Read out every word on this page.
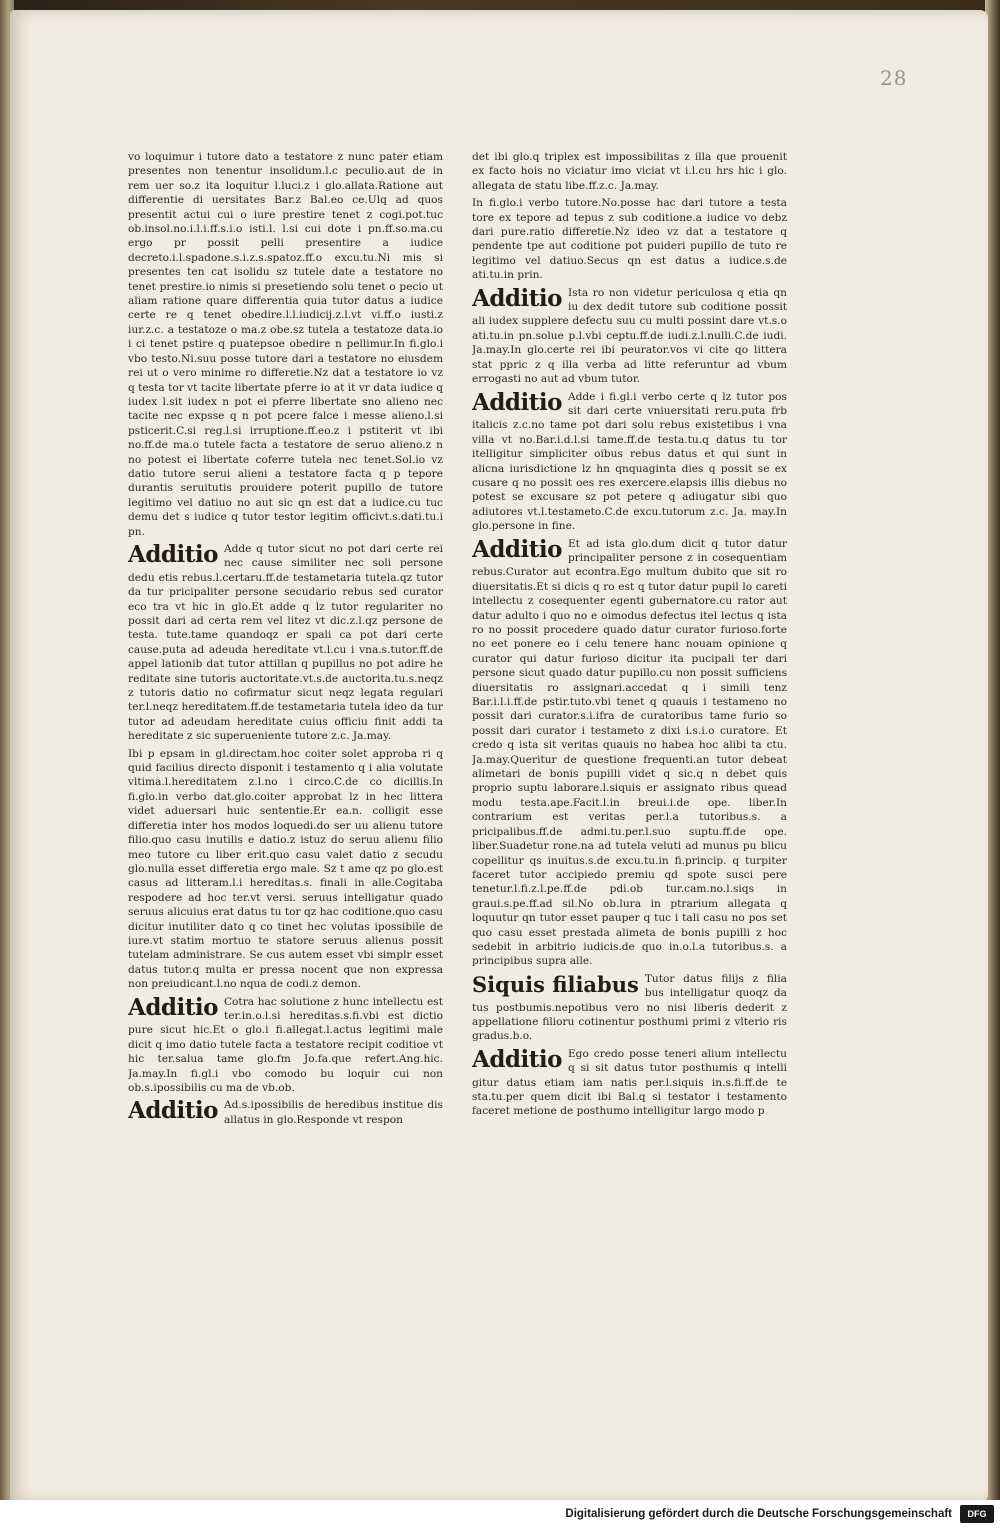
28
vo loquimur i tutore dato a testatore z nunc pater etiam presentes non tenentur insolidum.l.c peculio.aut de in rem uer so.z ita loquitur l.luci.z i glo.allata.Ratione aut differentie di uersitates Bar.z Bal.eo ce.Ulq ad quos presentit actui cui o iure prestire tenet z cogi.pot.tuc ob.insol.no.i.l.i.ff.s.i.o isti.l. l.si cui dote i pn.ff.so.ma.cu ergo pr possit pelli presentire a iudice decreto.i.l.spadone.s.i.z.s.spatoz.ff.o excu.tu.Ni mis si presentes ten cat isolidu sz tutele date a testatore no tenet prestire.io nimis si presetiendo solu tenet o pecio ut aliam ratione quare differentia quia tutor datus a iudice certe re q tenet obedire.l.l.iudicij.z.l.vt vi.ff.o iusti.z iur.z.c. a testatoze o ma.z obe.sz tutela a testatoze data.io i ci tenet pstire q puatepsoe obedire n pellimur.In fi.glo.i vbo testo.Ni.suu posse tutore dari a testatore no eiusdem rei ut o vero minime ro differetie.Nz dat a testatore io vz q testa tor vt tacite libertate pferre io at it vr data iudice q iudex l.sit iudex n pot ei pferre libertate sno alieno nec tacite nec expsse q n pot pcere falce i messe alieno.l.si psticerit.C.si reg.l.si irruptione.ff.eo.z i pstiterit vt ibi no.ff.de ma.o tutele facta a testatore de seruo alieno.z n no potest ei libertate coferre tutela nec tenet.Sol.io vz datio tutore serui alieni a testatore facta q p tepore durantis seruitutis prouidere poterit pupillo de tutore legitimo vel datiuo no aut sic qn est dat a iudice.cu tuc demu det s iudice q tutor testor legitim officivt.s.dati.tu.i pn.
Additio Adde q tutor sicut no pot dari certe rei nec cause similiter nec soli persone dedu etis rebus.l.certaru.ff.de testametaria tutela.qz tutor da tur pricipaliter persone secudario rebus sed curator eco tra vt hic in glo.Et adde q lz tutor regulariter no possit dari ad certa rem vel litez vt dic.z.l.qz persone de testa. tute.tame quandoqz er spali ca pot dari certe cause.puta ad adeuda hereditate vt.l.cu i vna.s.tutor.ff.de appel lationib dat tutor attillan q pupillus no pot adire he reditate sine tutoris auctoritate.vt.s.de auctorita.tu.s.neqz z tutoris datio no cofirmatur sicut neqz legata regulari ter.l.neqz hereditatem.ff.de testametaria tutela ideo da tur tutor ad adeudam hereditate cuius officiu finit addi ta hereditate z sic superueniente tutore z.c. Ja.may.
Ibi p epsam in gl.directam.hoc coiter solet approba ri q quid facilius directo disponit i testamento q i alia volutate vltima.l.hereditatem z.l.no i circo.C.de co dicillis.In fi.glo.in verbo dat.glo.coiter approbat lz in hec littera videt aduersari huic sententie.Er ea.n. colligit esse differetia inter hos modos loquedi.do ser uu alienu tutore filio.quo casu inutilis e datio.z istuz do seruu alienu filio meo tutore cu liber erit.quo casu valet datio z secudu glo.nulla esset differetia ergo male. Sz t ame qz po glo.est casus ad litteram.l.i hereditas.s. finali in alle.Cogitaba respodere ad hoc ter.vt versi. seruus intelligatur quado seruus alicuius erat datus tu tor qz hac coditione.quo casu dicitur inutiliter dato q co tinet hec volutas ipossibile de iure.vt statim mortuo te statore seruus alienus possit tutelam administrare. Se cus autem esset vbi simplr esset datus tutor.q multa er pressa nocent que non expressa non preiudicant.l.no nqua de codi.z demon.
Additio Cotra hac solutione z hunc intellectu est ter.in.o.l.si hereditas.s.fi.vbi est dictio pure sicut hic.Et o glo.i fi.allegat.l.actus legitimi male dicit q imo datio tutele facta a testatore recipit coditioe vt hic ter.salua tame glo.fm Jo.fa.que refert.Ang.hic. Ja.may.In fi.gl.i vbo comodo bu loquir cui non ob.s.ipossibilis cu ma de vb.ob.
Additio Ad.s.ipossibilis de heredibus institue dis allatus in glo.Responde vt respon
det ibi glo.q triplex est impossibilitas z illa que prouenit ex facto hois no viciatur imo viciat vt i.l.cu hrs hic i glo. allegata de statu libe.ff.z.c. Ja.may.
In fi.glo.i verbo tutore.No.posse hac dari tutore a testa tore ex tepore ad tepus z sub coditione.a iudice vo debz dari pure.ratio differetie.Nz ideo vz dat a testatore q pendente tpe aut coditione pot puideri pupillo de tuto re legitimo vel datiuo.Secus qn est datus a iudice.s.de ati.tu.in prin.
Additio Ista ro non videtur periculosa q etia qn iu dex dedit tutore sub coditione possit ali iudex supplere defectu suu cu multi possint dare vt.s.o ati.tu.in pn.solue p.l.vbi ceptu.ff.de iudi.z.l.nulli.C.de iudi. Ja.may.In glo.certe rei ibi peurator.vos vi cite qo littera stat ppric z q illa verba ad litte referuntur ad vbum errogasti no aut ad vbum tutor.
Additio Adde i fi.gl.i verbo certe q lz tutor pos sit dari certe vniuersitati reru.puta frb italicis z.c.no tame pot dari solu rebus existetibus i vna villa vt no.Bar.i.d.l.si tame.ff.de testa.tu.q datus tu tor itelligitur simpliciter oibus rebus datus et qui sunt in alicna iurisdictione lz hn qnquaginta dies q possit se ex cusare q no possit oes res exercere.elapsis illis diebus no potest se excusare sz pot petere q adiugatur sibi quo adiutores vt.l.testameto.C.de excu.tutorum z.c. Ja. may.In glo.persone in fine.
Additio Et ad ista glo.dum dicit q tutor datur principaliter persone z in cosequentiam rebus.Curator aut econtra.Ego multum dubito que sit ro diuersitatis.Et si dicis q ro est q tutor datur pupil lo careti intellectu z cosequenter egenti gubernatore.cu rator aut datur adulto i quo no e oimodus defectus itel lectus q ista ro no possit procedere quado datur curator furioso.forte no eet ponere eo i celu tenere hanc nouam opinione q curator qui datur furioso dicitur ita pucipali ter dari persone sicut quado datur pupillo.cu non possit sufficiens diuersitatis ro assignari.accedat q i simili tenz Bar.i.l.i.ff.de pstir.tuto.vbi tenet q quauis i testameno no possit dari curator.s.i.ifra de curatoribus tame furio so possit dari curator i testameto z dixi i.s.i.o curatore. Et credo q ista sit veritas quauis no habea hoc alibi ta ctu. Ja.may.Queritur de questione frequenti.an tutor debeat alimetari de bonis pupilli videt q sic.q n debet quis proprio suptu laborare.l.siquis er assignato ribus quead modu testa.ape.Facit.l.in breui.i.de ope. liber.In contrarium est veritas per.l.a tutoribus.s. a pricipalibus.ff.de admi.tu.per.l.suo suptu.ff.de ope. liber.Suadetur rone.na ad tutela veluti ad munus pu blicu copellitur qs inuitus.s.de excu.tu.in fi.princip. q turpiter faceret tutor accipiedo premiu qd spote susci pere tenetur.l.fi.z.l.pe.ff.de pdi.ob tur.cam.no.l.siqs in graui.s.pe.ff.ad sil.No ob.lura in ptrarium allegata q loquutur qn tutor esset pauper q tuc i tali casu no pos set quo casu esset prestada alimeta de bonis pupilli z hoc sedebit in arbitrio iudicis.de quo in.o.l.a tutoribus.s. a principibus supra alle.
Siquis filiabus Tutor datus filijs z filia bus intelligatur quoqz da tus postbumis.nepotibus vero no nisi liberis dederit z appellatione filioru cotinentur posthumi primi z vlterio ris gradus.b.o.
Additio Ego credo posse teneri alium intellectu q si sit datus tutor posthumis q intelli gitur datus etiam iam natis per.l.siquis in.s.fi.ff.de te sta.tu.per quem dicit ibi Bal.q si testator i testamento faceret metione de posthumo intelligitur largo modo p
Digitalisierung gefördert durch die Deutsche Forschungsgemeinschaft	DFG
